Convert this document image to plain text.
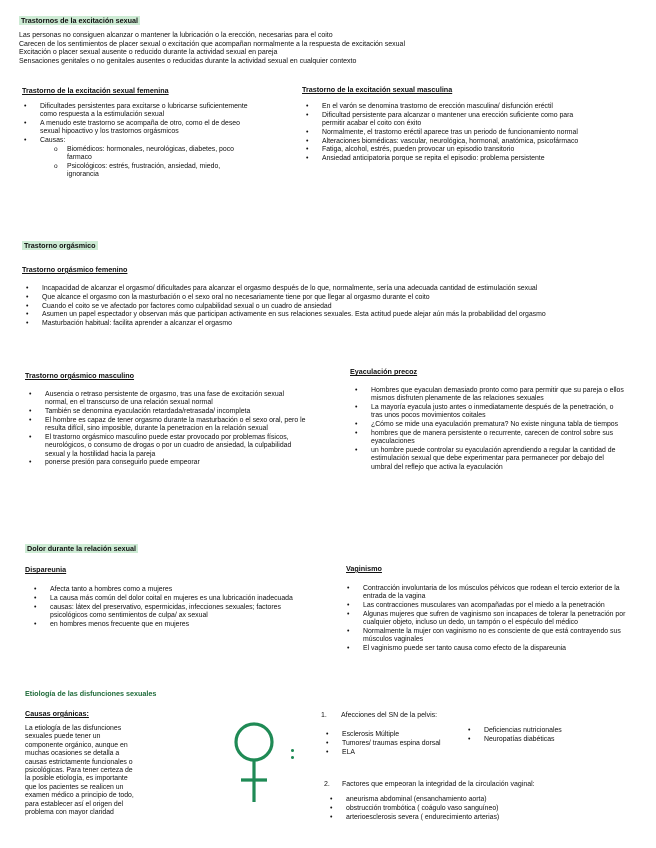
Trastornos de la excitación sexual
Las personas no consiguen alcanzar o mantener la lubricación o la erección, necesarias para el coito
Carecen de los sentimientos de placer sexual o excitación que acompañan normalmente a la respuesta de excitación sexual
Excitación o placer sexual ausente o reducido durante la actividad sexual en pareja
Sensaciones genitales o no genitales ausentes o reducidas durante la actividad sexual en cualquier contexto
Trastorno de la excitación sexual femenina
• Dificultades persistentes para excitarse o lubricarse suficientemente como respuesta a la estimulación sexual
• A menudo este trastorno se acompaña de otro, como el de deseo sexual hipoactivo y los trastornos orgásmicos
• Causas:
o Biomédicos: hormonales, neurológicas, diabetes, poco farmaco
o Psicológicos: estrés, frustración, ansiedad, miedo, ignorancia
Trastorno de la excitación sexual masculina
• En el varón se denomina trastorno de erección masculina/ disfunción eréctil
• Dificultad persistente para alcanzar o mantener una erección suficiente como para permitir acabar el coito con éxito
• Normalmente, el trastorno eréctil aparece tras un periodo de funcionamiento normal
• Alteraciones biomédicas: vascular, neurológica, hormonal, anatómica, psicofármaco
• Fatiga, alcohol, estrés, pueden provocar un episodio transitorio
• Ansiedad anticipatoria porque se repita el episodio: problema persistente
Trastorno orgásmico
Trastorno orgásmico femenino
• Incapacidad de alcanzar el orgasmo/ dificultades para alcanzar el orgasmo después de lo que, normalmente, sería una adecuada cantidad de estimulación sexual
• Que alcance el orgasmo con la masturbación o el sexo oral no necesariamente tiene por que llegar al orgasmo durante el coito
• Cuando el coito se ve afectado por factores como culpabilidad sexual o un cuadro de ansiedad
• Asumen un papel espectador y observan más que participan activamente en sus relaciones sexuales. Esta actitud puede alejar aún más la probabilidad del orgasmo
• Masturbación habitual: facilita aprender a alcanzar el orgasmo
Trastorno orgásmico masculino
• Ausencia o retraso persistente de orgasmo, tras una fase de excitación sexual normal, en el transcurso de una relación sexual normal
• También se denomina eyaculación retardada/retrasada/ incompleta
• El hombre es capaz de tener orgasmo durante la masturbación o el sexo oral, pero le resulta difícil, sino imposible, durante la penetracion en la relación sexual
• El trastorno orgásmico masculino puede estar provocado por problemas físicos, neurológicos, o consumo de drogas o por un cuadro de ansiedad, la culpabilidad sexual y la hostilidad hacia la pareja
• ponerse presión para conseguirlo puede empeorar
Eyaculación precoz
• Hombres que eyaculan demasiado pronto como para permitir que su pareja o ellos mismos disfruten plenamente de las relaciones sexuales
• La mayoría eyacula justo antes o inmediatamente después de la penetración, o tras unos pocos movimientos coitales
• ¿Cómo se mide una eyaculación prematura? No existe ninguna tabla de tiempos
• hombres que de manera persistente o recurrente, carecen de control sobre sus eyaculaciones
• un hombre puede controlar su eyaculación aprendiendo a regular la cantidad de estimulación sexual que debe experimentar para permanecer por debajo del umbral del reflejo que activa la eyaculación
Dolor durante la relación sexual
Dispareunia
• Afecta tanto a hombres como a mujeres
• La causa más común del dolor coital en mujeres es una lubricación inadecuada
• causas: látex del preservativo, espermicidas, infecciones sexuales; factores psicológicos como sentimientos de culpa/ ax sexual
• en hombres menos frecuente que en mujeres
Vaginismo
• Contracción involuntaria de los músculos pélvicos que rodean el tercio exterior de la entrada de la vagina
• Las contracciones musculares van acompañadas por el miedo a la penetración
• Algunas mujeres que sufren de vaginismo son incapaces de tolerar la penetración por cualquier objeto, incluso un dedo, un tampón o el espéculo del médico
• Normalmente la mujer con vaginismo no es consciente de que está contrayendo sus músculos vaginales
• El vaginismo puede ser tanto causa como efecto de la dispareunia
Etiología de las disfunciones sexuales
Causas orgánicas:
La etiología de las disfunciones
sexuales puede tener un
componente orgánico, aunque en
muchas ocasiones se detalla a
causas estrictamente funcionales o
psicológicas. Para tener certeza de
la posible etiología, es importante
que los pacientes se realicen un
examen médico a principio de todo,
para establecer así el origen del
problema con mayor claridad
1. Afecciones del SN de la pelvis:
• Esclerosis Múltiple
• Tumores/ traumas espina dorsal
• ELA
• Deficiencias nutricionales
• Neuropatías diabéticas
2. Factores que empeoran la integridad de la circulación vaginal:
• aneurisma abdominal (ensanchamiento aorta)
• obstrucción trombótica ( coágulo vaso sanguíneo)
• arterioesclerosis severa ( endurecimiento arterias)
